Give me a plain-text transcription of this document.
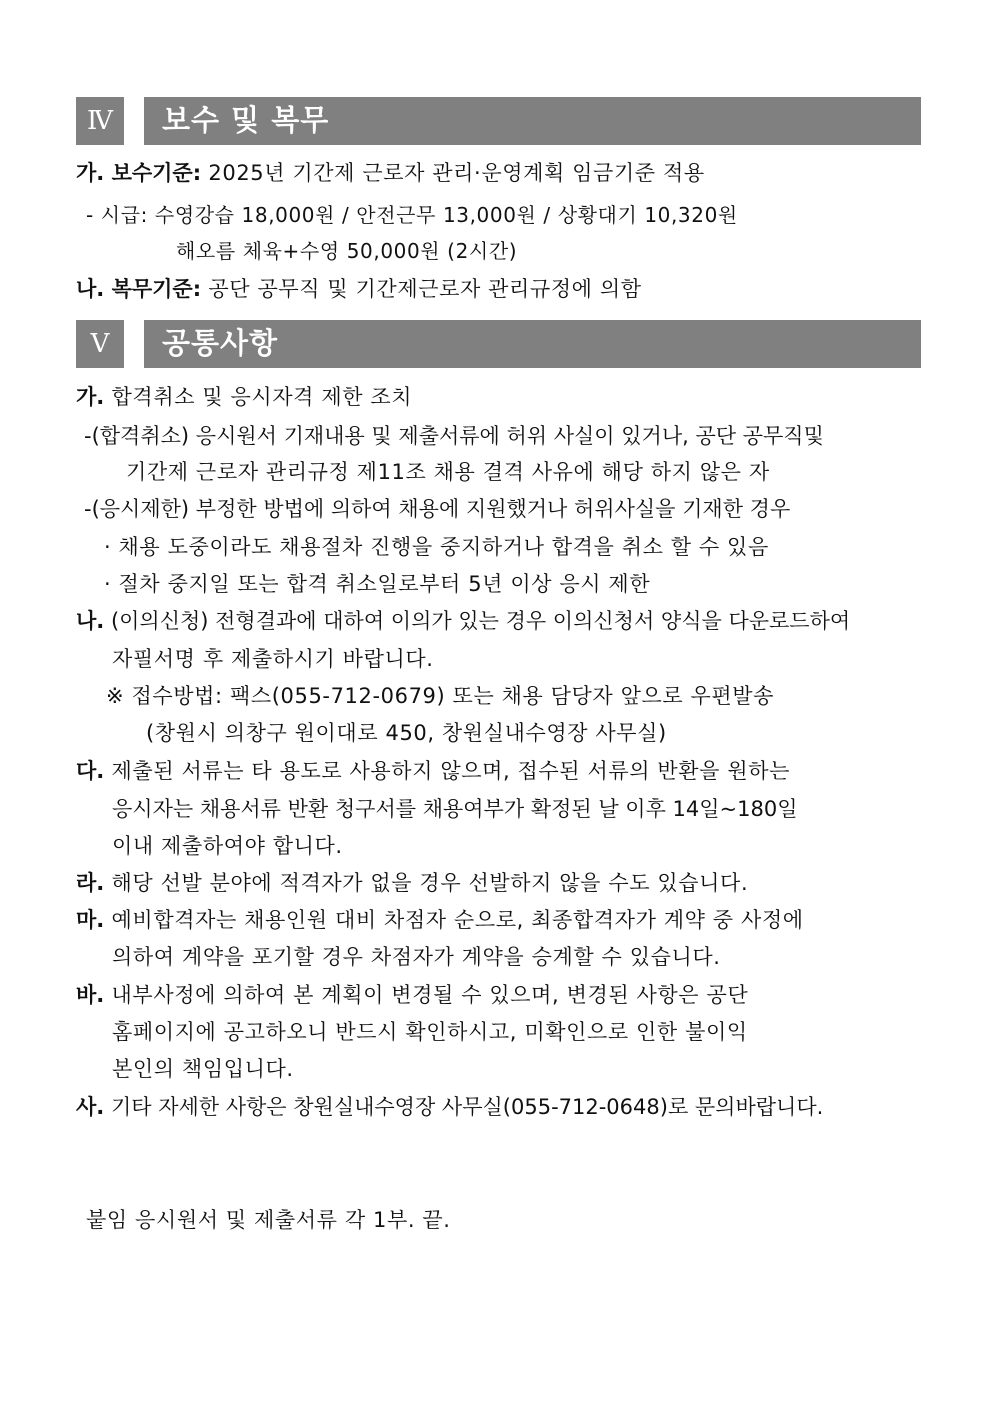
Ⅳ	보수 및 복무
가. 보수기준: 2025년 기간제 근로자 관리·운영계획 임금기준 적용
- 시급: 수영강습 18,000원 / 안전근무 13,000원 / 상황대기 10,320원
해오름 체육+수영 50,000원 (2시간)
나. 복무기준: 공단 공무직 및 기간제근로자 관리규정에 의함
Ⅴ	공통사항
가. 합격취소 및 응시자격 제한 조치
-(합격취소) 응시원서 기재내용 및 제출서류에 허위 사실이 있거나, 공단 공무직및
기간제 근로자 관리규정 제11조 채용 결격 사유에 해당 하지 않은 자
-(응시제한) 부정한 방법에 의하여 채용에 지원했거나 허위사실을 기재한 경우
· 채용 도중이라도 채용절차 진행을 중지하거나 합격을 취소 할 수 있음
· 절차 중지일 또는 합격 취소일로부터 5년 이상 응시 제한
나. (이의신청) 전형결과에 대하여 이의가 있는 경우 이의신청서 양식을 다운로드하여
자필서명 후 제출하시기 바랍니다.
※ 접수방법: 팩스(055-712-0679) 또는 채용 담당자 앞으로 우편발송
(창원시 의창구 원이대로 450, 창원실내수영장 사무실)
다. 제출된 서류는 타 용도로 사용하지 않으며, 접수된 서류의 반환을 원하는
응시자는 채용서류 반환 청구서를 채용여부가 확정된 날 이후 14일~180일
이내 제출하여야 합니다.
라. 해당 선발 분야에 적격자가 없을 경우 선발하지 않을 수도 있습니다.
마. 예비합격자는 채용인원 대비 차점자 순으로, 최종합격자가 계약 중 사정에
의하여 계약을 포기할 경우 차점자가 계약을 승계할 수 있습니다.
바. 내부사정에 의하여 본 계획이 변경될 수 있으며, 변경된 사항은 공단
홈페이지에 공고하오니 반드시 확인하시고, 미확인으로 인한 불이익
본인의 책임입니다.
사. 기타 자세한 사항은 창원실내수영장 사무실(055-712-0648)로 문의바랍니다.
붙임 응시원서 및 제출서류 각 1부. 끝.
